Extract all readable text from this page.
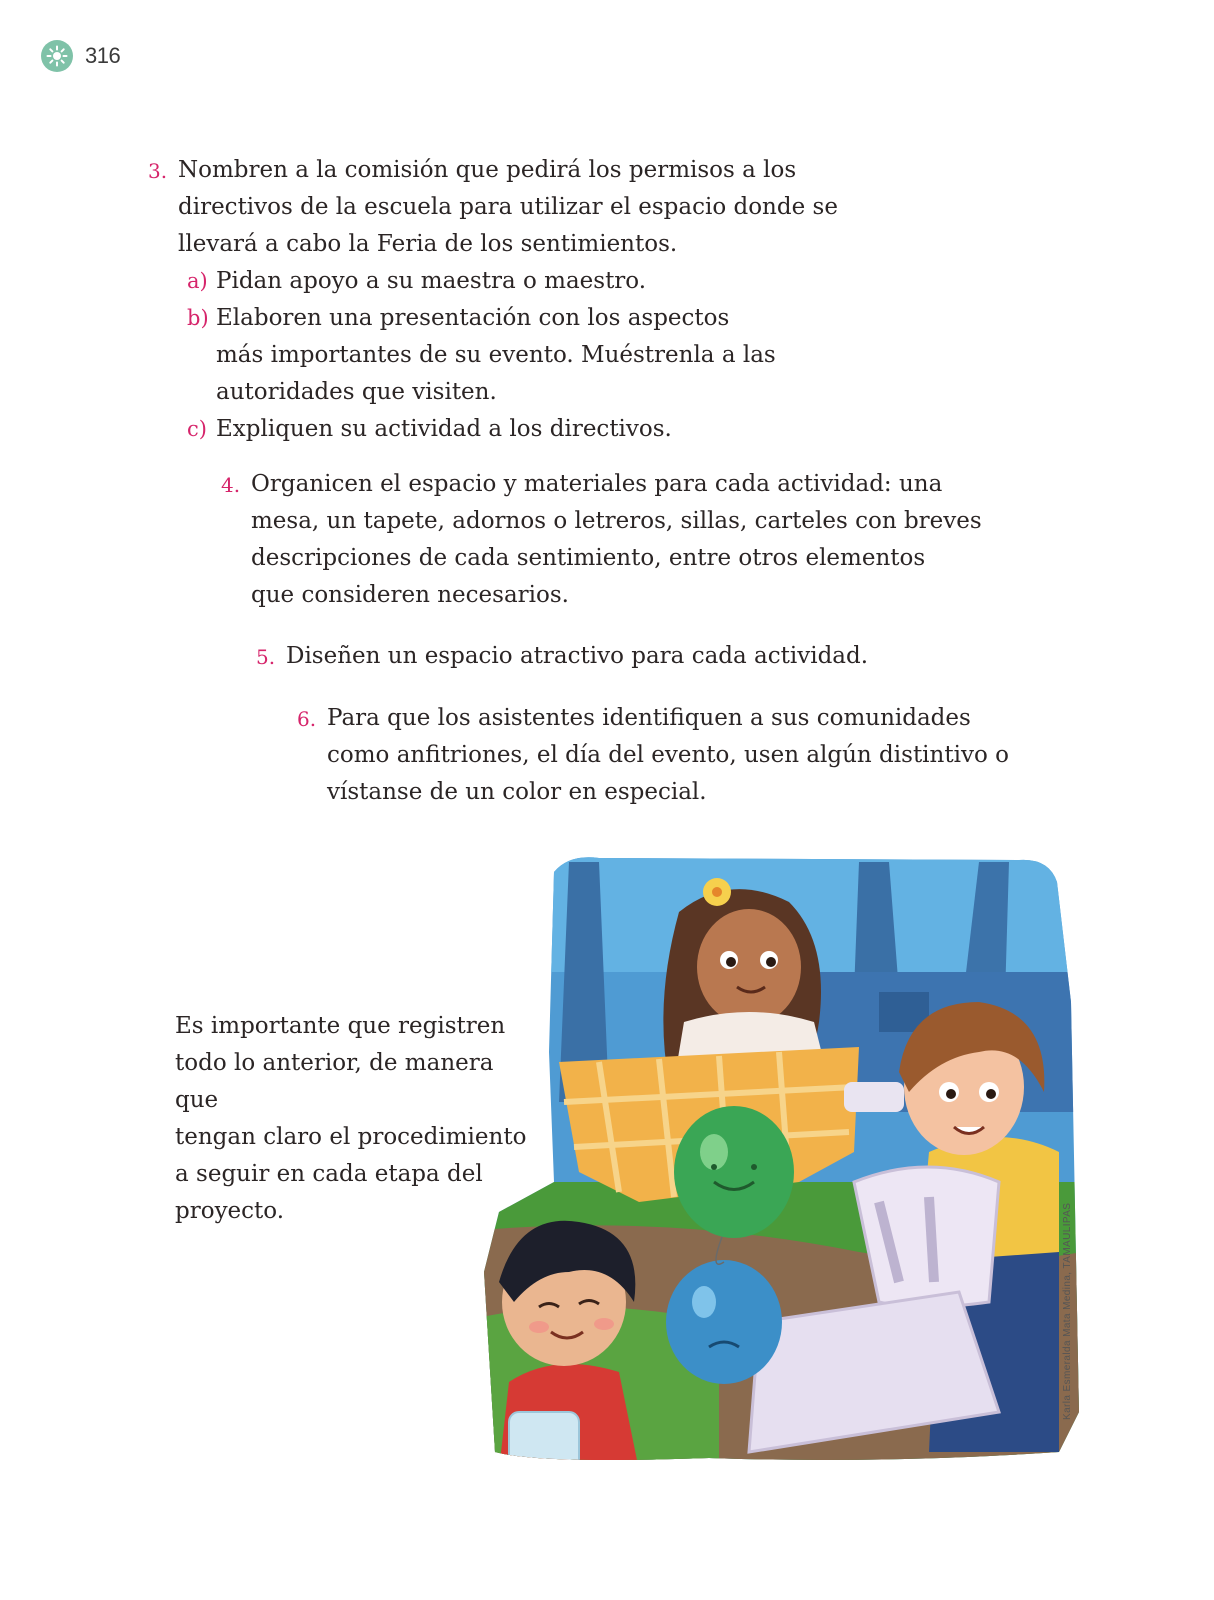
316
3. Nombren a la comisión que pedirá los permisos a los
directivos de la escuela para utilizar el espacio donde se
llevará a cabo la Feria de los sentimientos.
a) Pidan apoyo a su maestra o maestro.
b) Elaboren una presentación con los aspectos
más importantes de su evento. Muéstrenla a las
autoridades que visiten.
c) Expliquen su actividad a los directivos.
4. Organicen el espacio y materiales para cada actividad: una
mesa, un tapete, adornos o letreros, sillas, carteles con breves
descripciones de cada sentimiento, entre otros elementos
que consideren necesarios.
5. Diseñen un espacio atractivo para cada actividad.
6. Para que los asistentes identifiquen a sus comunidades
como anfitriones, el día del evento, usen algún distintivo o
vístanse de un color en especial.
Es importante que registren
todo lo anterior, de manera que
tengan claro el procedimiento
a seguir en cada etapa del
proyecto.	Karla Esmeralda Mata Medina, TAMAULIPAS
